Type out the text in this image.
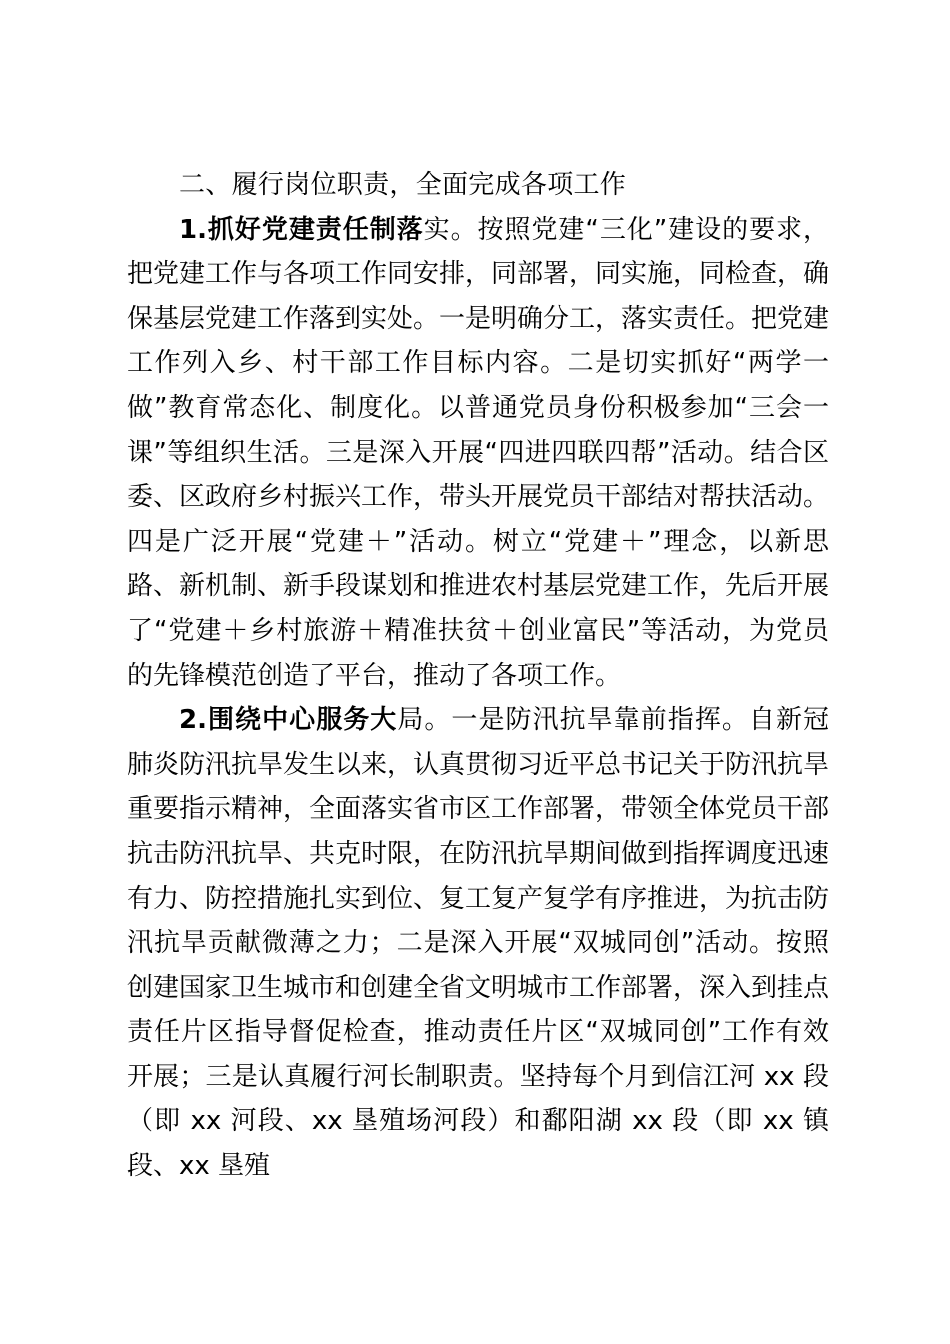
二、履行岗位职责，全面完成各项工作

1.抓好党建责任制落实。按照党建“三化”建设的要求，把党建工作与各项工作同安排，同部署，同实施，同检查，确保基层党建工作落到实处。一是明确分工，落实责任。把党建工作列入乡、村干部工作目标内容。二是切实抓好“两学一做”教育常态化、制度化。以普通党员身份积极参加“三会一课”等组织生活。三是深入开展“四进四联四帮”活动。结合区委、区政府乡村振兴工作，带头开展党员干部结对帮扶活动。四是广泛开展“党建＋”活动。树立“党建＋”理念，以新思路、新机制、新手段谋划和推进农村基层党建工作，先后开展了“党建＋乡村旅游＋精准扶贫＋创业富民”等活动，为党员的先锋模范创造了平台，推动了各项工作。

2.围绕中心服务大局。一是防汛抗旱靠前指挥。自新冠肺炎防汛抗旱发生以来，认真贯彻习近平总书记关于防汛抗旱重要指示精神，全面落实省市区工作部署，带领全体党员干部抗击防汛抗旱、共克时限，在防汛抗旱期间做到指挥调度迅速有力、防控措施扎实到位、复工复产复学有序推进，为抗击防汛抗旱贡献微薄之力；二是深入开展“双城同创”活动。按照创建国家卫生城市和创建全省文明城市工作部署，深入到挂点责任片区指导督促检查，推动责任片区“双城同创”工作有效开展；三是认真履行河长制职责。坚持每个月到信江河 xx 段（即 xx 河段、xx 垦殖场河段）和鄱阳湖 xx 段（即 xx 镇段、xx 垦殖
